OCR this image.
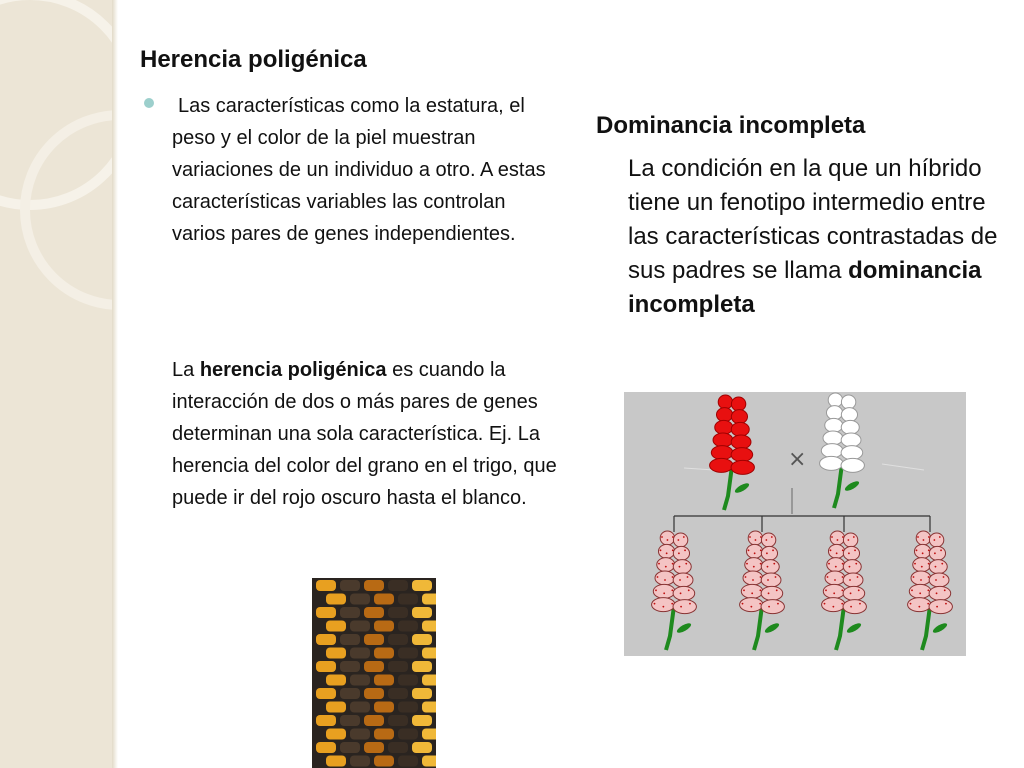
Herencia poligénica

Las características como la estatura, el peso y el color de la piel muestran variaciones de un individuo a otro. A estas características variables las controlan varios pares de genes independientes.

La herencia poligénica es cuando la interacción de dos o más pares de genes determinan una sola característica. Ej. La herencia del color del grano en el trigo, que puede ir del rojo oscuro hasta el blanco.

Dominancia incompleta

La condición en la que un híbrido tiene un fenotipo intermedio entre las características contrastadas de sus padres se llama dominancia incompleta

×
